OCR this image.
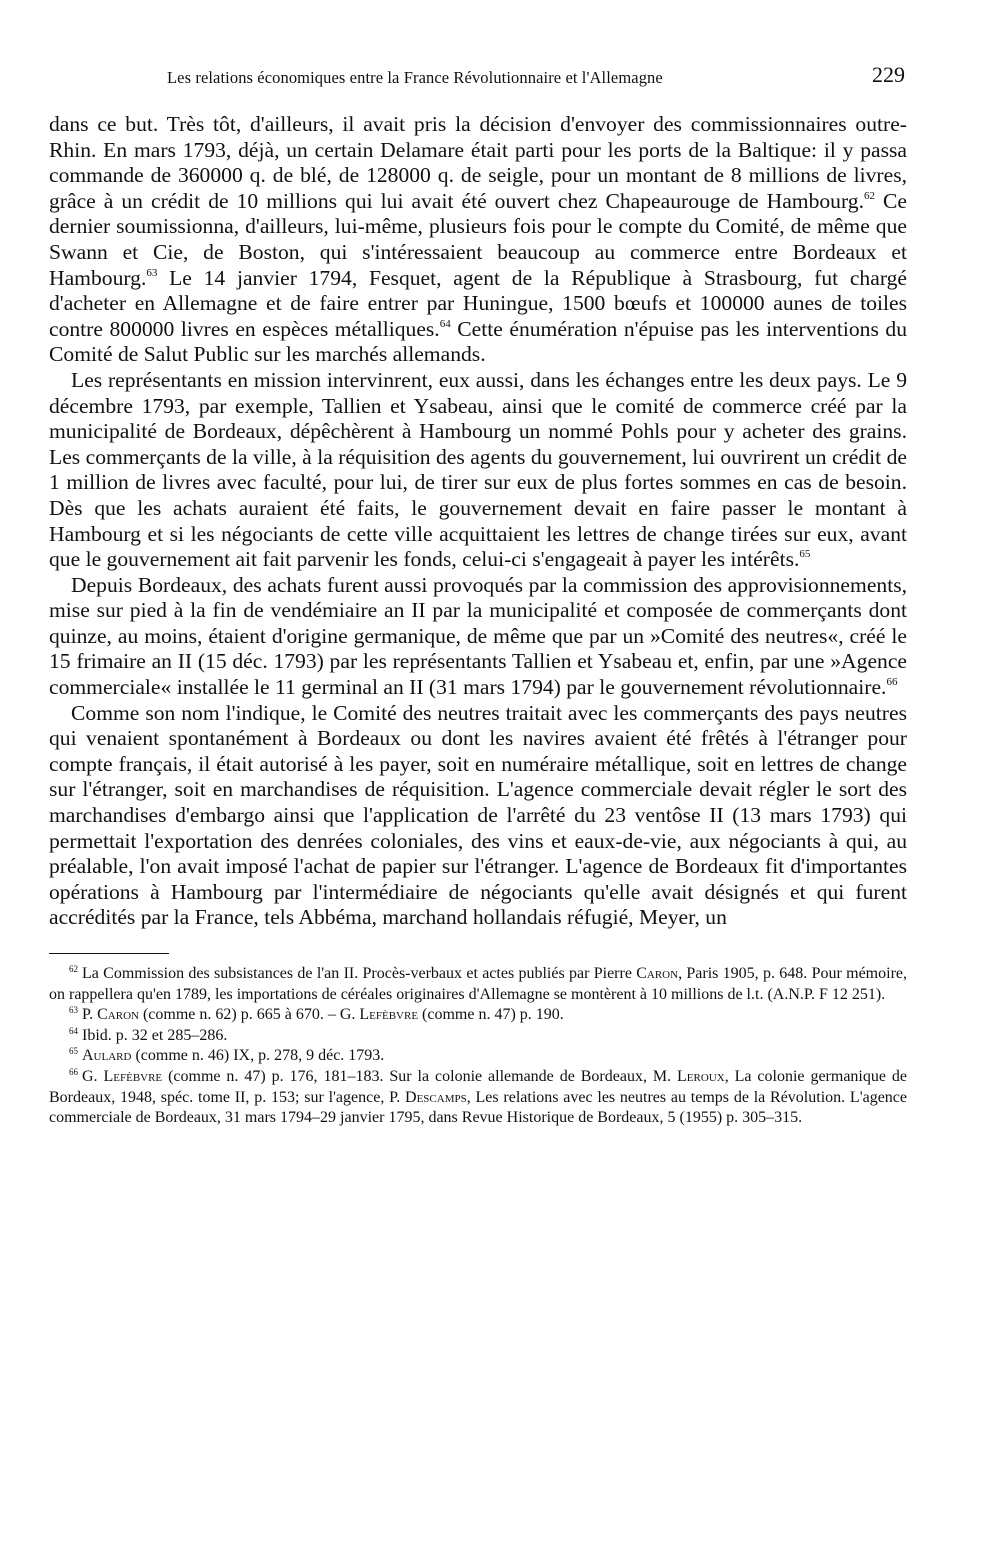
Les relations économiques entre la France Révolutionnaire et l'Allemagne	229

dans ce but. Très tôt, d'ailleurs, il avait pris la décision d'envoyer des commissionnaires outre-Rhin. En mars 1793, déjà, un certain Delamare était parti pour les ports de la Baltique: il y passa commande de 360000 q. de blé, de 128000 q. de seigle, pour un montant de 8 millions de livres, grâce à un crédit de 10 millions qui lui avait été ouvert chez Chapeaurouge de Hambourg.$^{62}$ Ce dernier soumissionna, d'ailleurs, lui-même, plusieurs fois pour le compte du Comité, de même que Swann et Cie, de Boston, qui s'intéressaient beaucoup au commerce entre Bordeaux et Hambourg.$^{63}$ Le 14 janvier 1794, Fesquet, agent de la République à Strasbourg, fut chargé d'acheter en Allemagne et de faire entrer par Huningue, 1500 bœufs et 100000 aunes de toiles contre 800000 livres en espèces métalliques.$^{64}$ Cette énumération n'épuise pas les interventions du Comité de Salut Public sur les marchés allemands.

Les représentants en mission intervinrent, eux aussi, dans les échanges entre les deux pays. Le 9 décembre 1793, par exemple, Tallien et Ysabeau, ainsi que le comité de commerce créé par la municipalité de Bordeaux, dépêchèrent à Hambourg un nommé Pohls pour y acheter des grains. Les commerçants de la ville, à la réquisition des agents du gouvernement, lui ouvrirent un crédit de 1 million de livres avec faculté, pour lui, de tirer sur eux de plus fortes sommes en cas de besoin. Dès que les achats auraient été faits, le gouvernement devait en faire passer le montant à Hambourg et si les négociants de cette ville acquittaient les lettres de change tirées sur eux, avant que le gouvernement ait fait parvenir les fonds, celui-ci s'engageait à payer les intérêts.$^{65}$

Depuis Bordeaux, des achats furent aussi provoqués par la commission des approvisionnements, mise sur pied à la fin de vendémiaire an II par la municipalité et composée de commerçants dont quinze, au moins, étaient d'origine germanique, de même que par un »Comité des neutres«, créé le 15 frimaire an II (15 déc. 1793) par les représentants Tallien et Ysabeau et, enfin, par une »Agence commerciale« installée le 11 germinal an II (31 mars 1794) par le gouvernement révolutionnaire.$^{66}$

Comme son nom l'indique, le Comité des neutres traitait avec les commerçants des pays neutres qui venaient spontanément à Bordeaux ou dont les navires avaient été frêtés à l'étranger pour compte français, il était autorisé à les payer, soit en numéraire métallique, soit en lettres de change sur l'étranger, soit en marchandises de réquisition. L'agence commerciale devait régler le sort des marchandises d'embargo ainsi que l'application de l'arrêté du 23 ventôse II (13 mars 1793) qui permettait l'exportation des denrées coloniales, des vins et eaux-de-vie, aux négociants à qui, au préalable, l'on avait imposé l'achat de papier sur l'étranger. L'agence de Bordeaux fit d'importantes opérations à Hambourg par l'intermédiaire de négociants qu'elle avait désignés et qui furent accrédités par la France, tels Abbéma, marchand hollandais réfugié, Meyer, un

$^{62}$ La Commission des subsistances de l'an II. Procès-verbaux et actes publiés par Pierre Caron, Paris 1905, p. 648. Pour mémoire, on rappellera qu'en 1789, les importations de céréales originaires d'Allemagne se montèrent à 10 millions de l.t. (A.N.P. F 12 251).

$^{63}$ P. Caron (comme n. 62) p. 665 à 670. – G. Lefèbvre (comme n. 47) p. 190.

$^{64}$ Ibid. p. 32 et 285–286.

$^{65}$ Aulard (comme n. 46) IX, p. 278, 9 déc. 1793.

$^{66}$ G. Lefèbvre (comme n. 47) p. 176, 181–183. Sur la colonie allemande de Bordeaux, M. Leroux, La colonie germanique de Bordeaux, 1948, spéc. tome II, p. 153; sur l'agence, P. Descamps, Les relations avec les neutres au temps de la Révolution. L'agence commerciale de Bordeaux, 31 mars 1794–29 janvier 1795, dans Revue Historique de Bordeaux, 5 (1955) p. 305–315.
